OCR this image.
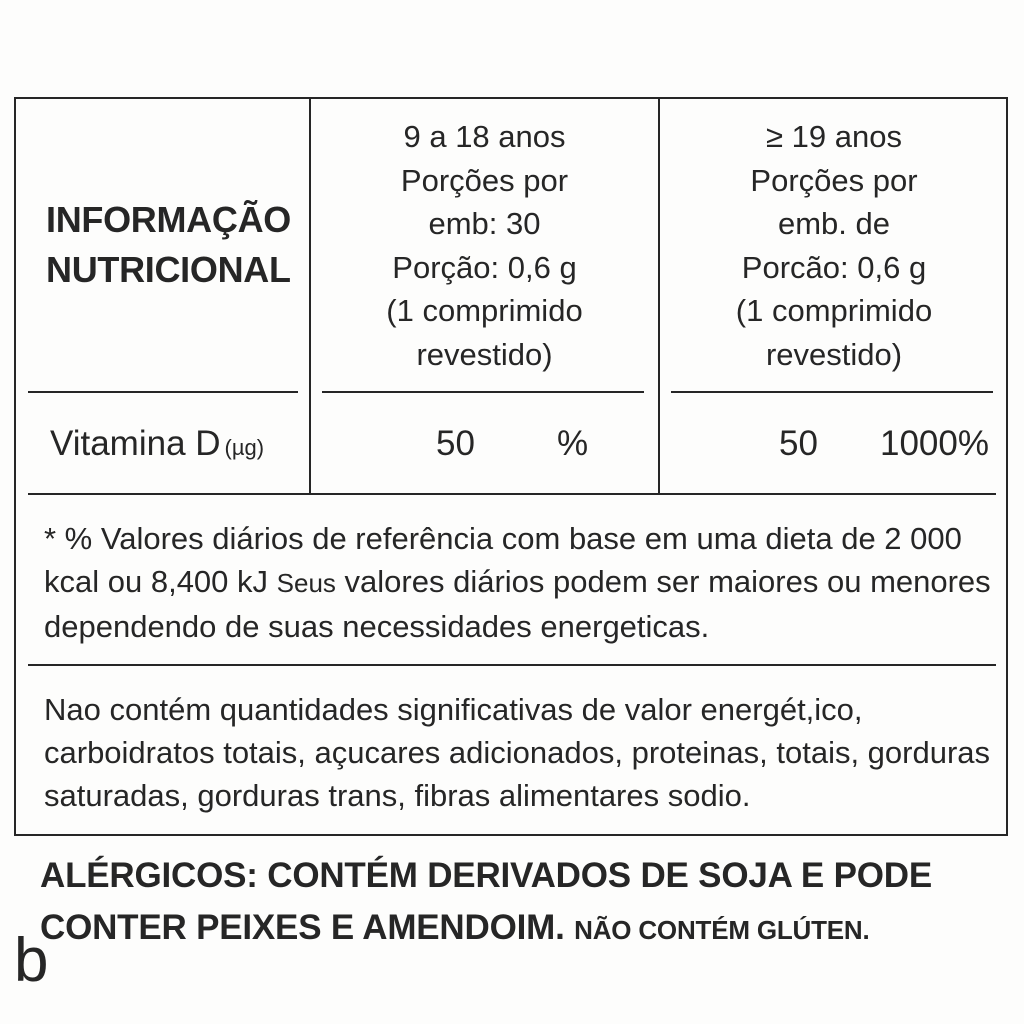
INFORMAÇÃO
NUTRICIONAL
9 a 18 anos
Porções por
emb: 30
Porção: 0,6 g
(1 comprimido
revestido)
≥ 19 anos
Porções por
emb. de
Porcão: 0,6 g
(1 comprimido
revestido)
Vitamina D (µg)	50 %	50 1000%
* % Valores diários de referência com base em uma dieta de 2 000 kcal ou 8,400 kJ Seus valores diários podem ser maiores ou menores dependendo de suas necessidades energeticas.
Nao contém quantidades significativas de valor energét,ico, carboidratos totais, açucares adicionados, proteinas, totais, gorduras saturadas, gorduras trans, fibras alimentares sodio.
ALÉRGICOS: CONTÉM DERIVADOS DE SOJA E PODE CONTER PEIXES E AMENDOIM. NÃO CONTÉM GLÚTEN.
b
